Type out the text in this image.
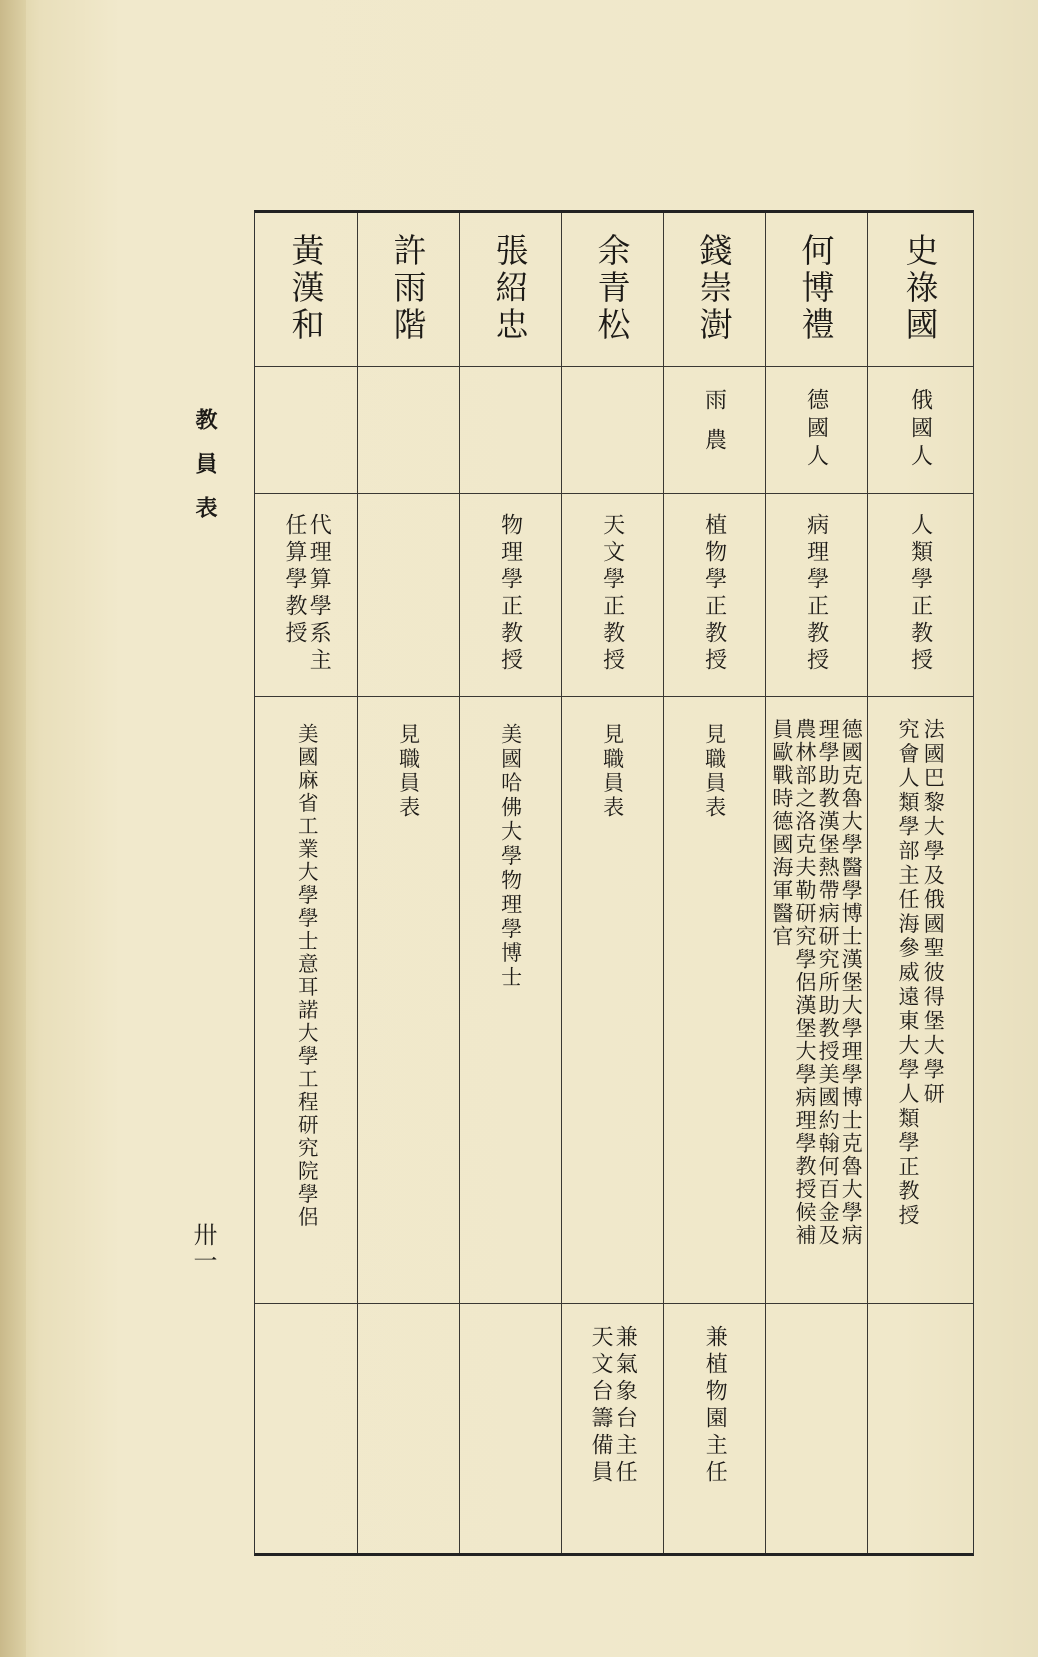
教員表
卅一
史祿國
俄國人
人類學正教授
法國巴黎大學及俄國聖彼得堡大學研
究會人類學部主任海參威遠東大學人類學正教授
何博禮
德國人
病理學正教授
德國克魯大學醫學博士漢堡大學理學博士克魯大學病
理學助教漢堡熱帶病研究所助教授美國約翰何百金及
農林部之洛克夫勒研究學侶漢堡大學病理學教授候補
員歐戰時德國海軍醫官
錢崇澍
雨農
植物學正教授
見職員表
兼植物園主任
余青松
天文學正教授
見職員表
兼氣象台主任
天文台籌備員
張紹忠
物理學正教授
美國哈佛大學物理學博士
許雨階
見職員表
黃漢和
代理算學系主
任算學教授
美國麻省工業大學學士意耳諾大學工程研究院學侶
